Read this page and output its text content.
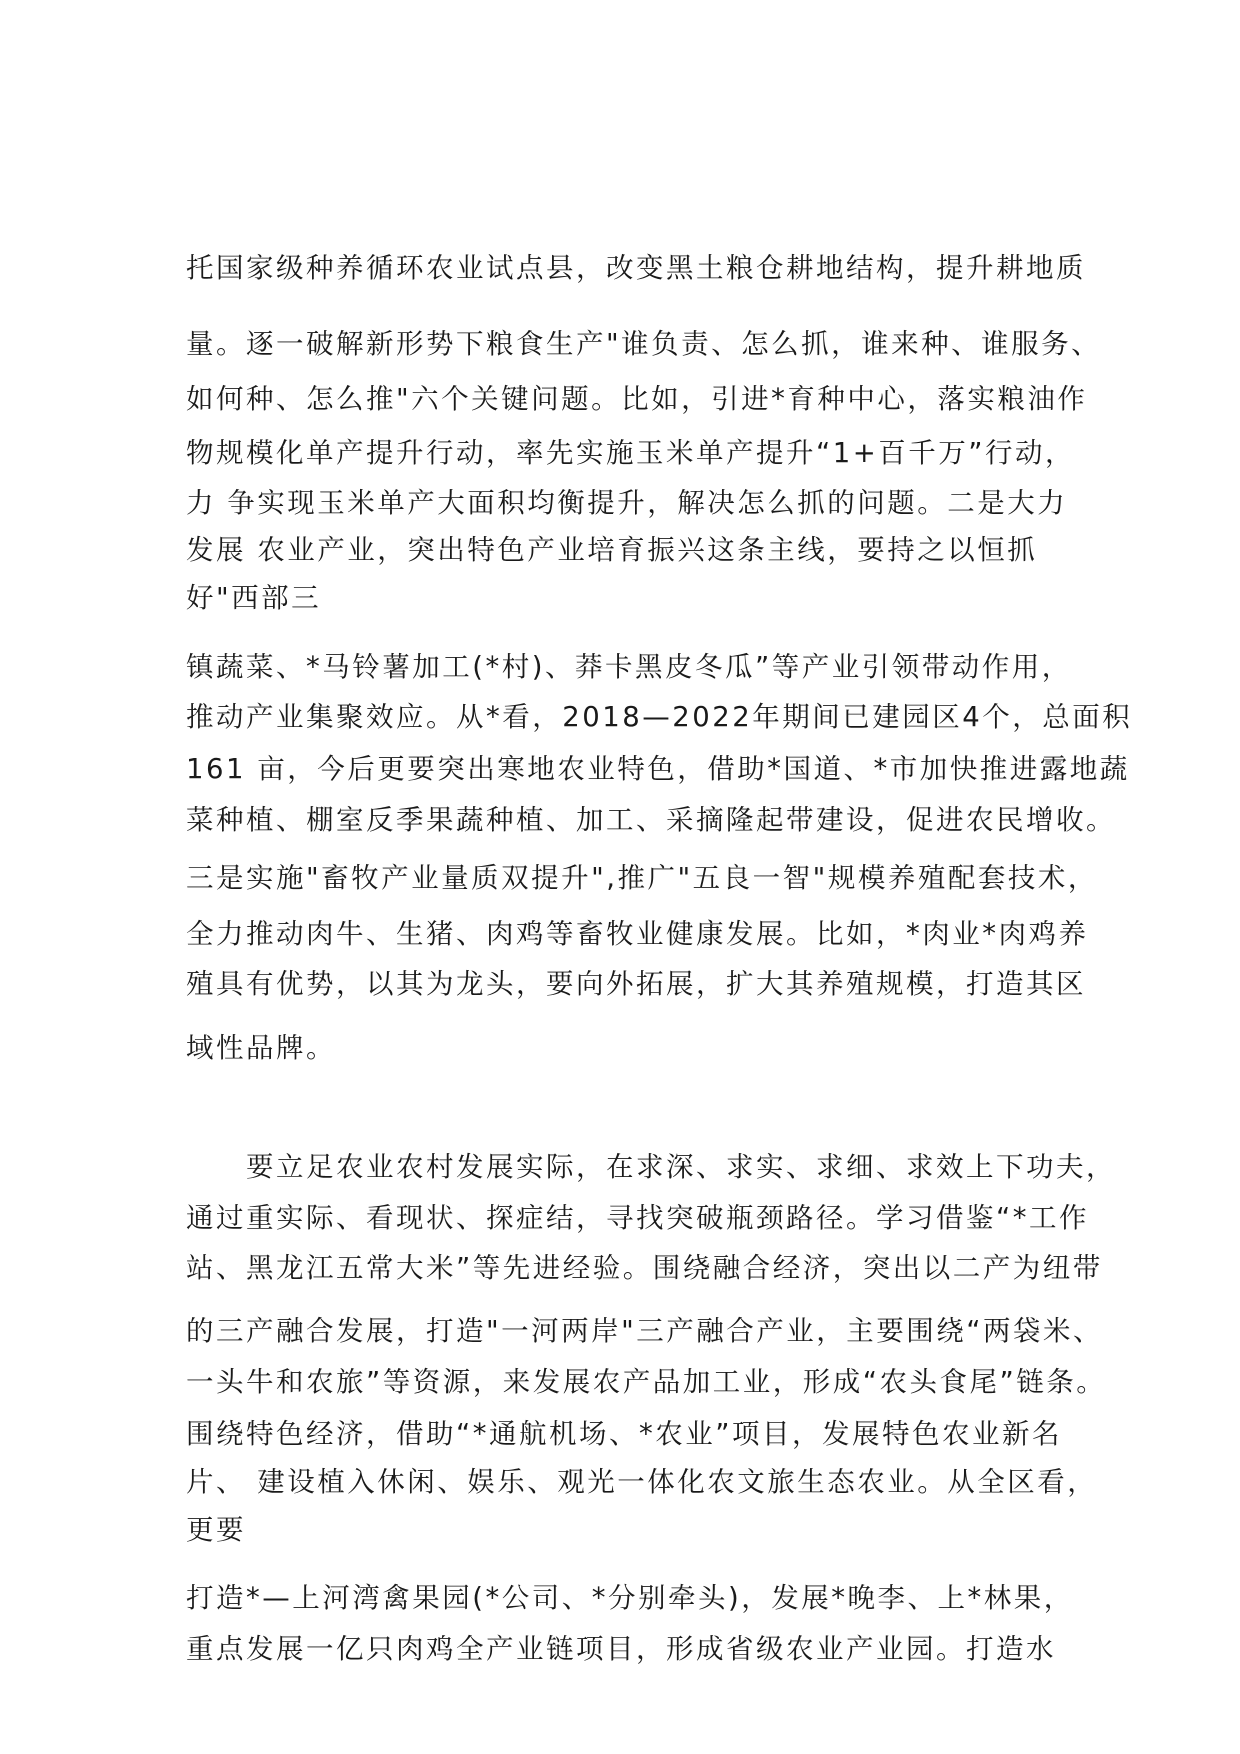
托国家级种养循环农业试点县，改变黑土粮仓耕地结构，提升耕地质
量。逐一破解新形势下粮食生产"谁负责、怎么抓，谁来种、谁服务、
如何种、怎么推"六个关键问题。比如，引进*育种中心，落实粮油作
物规模化单产提升行动，率先实施玉米单产提升“1+百千万”行动，
力 争实现玉米单产大面积均衡提升，解决怎么抓的问题。二是大力
发展 农业产业，突出特色产业培育振兴这条主线，要持之以恒抓
好"西部三
镇蔬菜、*马铃薯加工(*村)、莽卡黑皮冬瓜”等产业引领带动作用，
推动产业集聚效应。从*看，2018—2022年期间已建园区4个，总面积
161 亩，今后更要突出寒地农业特色，借助*国道、*市加快推进露地蔬
菜种植、棚室反季果蔬种植、加工、采摘隆起带建设，促进农民增收。
三是实施"畜牧产业量质双提升",推广"五良一智"规模养殖配套技术，
全力推动肉牛、生猪、肉鸡等畜牧业健康发展。比如，*肉业*肉鸡养
殖具有优势，以其为龙头，要向外拓展，扩大其养殖规模，打造其区
域性品牌。
要立足农业农村发展实际，在求深、求实、求细、求效上下功夫，
通过重实际、看现状、探症结，寻找突破瓶颈路径。学习借鉴“*工作
站、黑龙江五常大米”等先进经验。围绕融合经济，突出以二产为纽带
的三产融合发展，打造"一河两岸"三产融合产业，主要围绕“两袋米、
一头牛和农旅”等资源，来发展农产品加工业，形成“农头食尾”链条。
围绕特色经济，借助“*通航机场、*农业”项目，发展特色农业新名
片、 建设植入休闲、娱乐、观光一体化农文旅生态农业。从全区看，
更要
打造*—上河湾禽果园(*公司、*分别牵头)，发展*晚李、上*林果，
重点发展一亿只肉鸡全产业链项目，形成省级农业产业园。打造水
